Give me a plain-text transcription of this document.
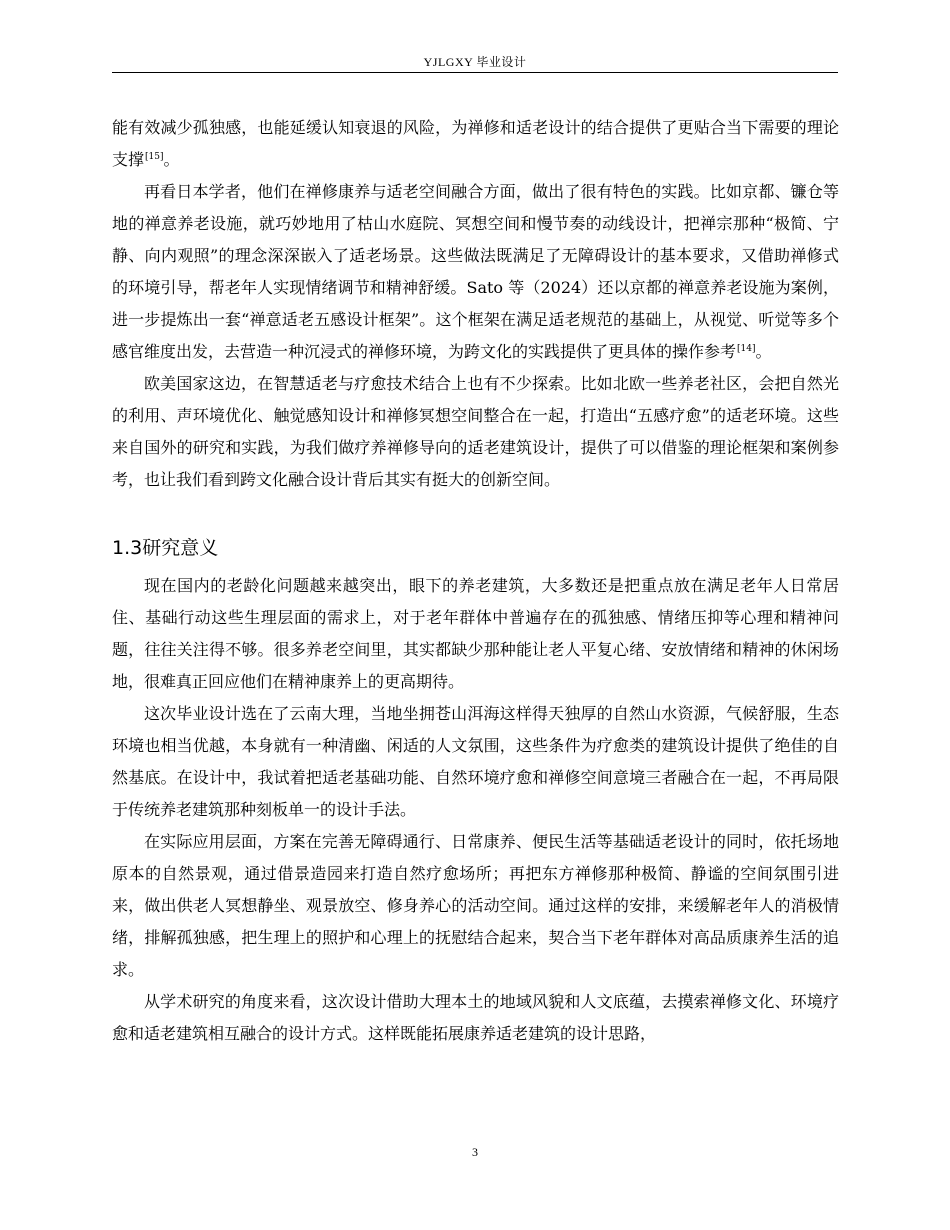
YJLGXY 毕业设计

能有效减少孤独感，也能延缓认知衰退的风险，为禅修和适老设计的结合提供了更贴合当下需要的理论支撑[15]。

再看日本学者，他们在禅修康养与适老空间融合方面，做出了很有特色的实践。比如京都、镰仓等地的禅意养老设施，就巧妙地用了枯山水庭院、冥想空间和慢节奏的动线设计，把禅宗那种“极简、宁静、向内观照”的理念深深嵌入了适老场景。这些做法既满足了无障碍设计的基本要求，又借助禅修式的环境引导，帮老年人实现情绪调节和精神舒缓。Sato 等（2024）还以京都的禅意养老设施为案例，进一步提炼出一套“禅意适老五感设计框架”。这个框架在满足适老规范的基础上，从视觉、听觉等多个感官维度出发，去营造一种沉浸式的禅修环境，为跨文化的实践提供了更具体的操作参考[14]。

欧美国家这边，在智慧适老与疗愈技术结合上也有不少探索。比如北欧一些养老社区，会把自然光的利用、声环境优化、触觉感知设计和禅修冥想空间整合在一起，打造出“五感疗愈”的适老环境。这些来自国外的研究和实践，为我们做疗养禅修导向的适老建筑设计，提供了可以借鉴的理论框架和案例参考，也让我们看到跨文化融合设计背后其实有挺大的创新空间。

1.3研究意义

现在国内的老龄化问题越来越突出，眼下的养老建筑，大多数还是把重点放在满足老年人日常居住、基础行动这些生理层面的需求上，对于老年群体中普遍存在的孤独感、情绪压抑等心理和精神问题，往往关注得不够。很多养老空间里，其实都缺少那种能让老人平复心绪、安放情绪和精神的休闲场地，很难真正回应他们在精神康养上的更高期待。

这次毕业设计选在了云南大理，当地坐拥苍山洱海这样得天独厚的自然山水资源，气候舒服，生态环境也相当优越，本身就有一种清幽、闲适的人文氛围，这些条件为疗愈类的建筑设计提供了绝佳的自然基底。在设计中，我试着把适老基础功能、自然环境疗愈和禅修空间意境三者融合在一起，不再局限于传统养老建筑那种刻板单一的设计手法。

在实际应用层面，方案在完善无障碍通行、日常康养、便民生活等基础适老设计的同时，依托场地原本的自然景观，通过借景造园来打造自然疗愈场所；再把东方禅修那种极简、静谧的空间氛围引进来，做出供老人冥想静坐、观景放空、修身养心的活动空间。通过这样的安排，来缓解老年人的消极情绪，排解孤独感，把生理上的照护和心理上的抚慰结合起来，契合当下老年群体对高品质康养生活的追求。

从学术研究的角度来看，这次设计借助大理本土的地域风貌和人文底蕴，去摸索禅修文化、环境疗愈和适老建筑相互融合的设计方式。这样既能拓展康养适老建筑的设计思路，

3
